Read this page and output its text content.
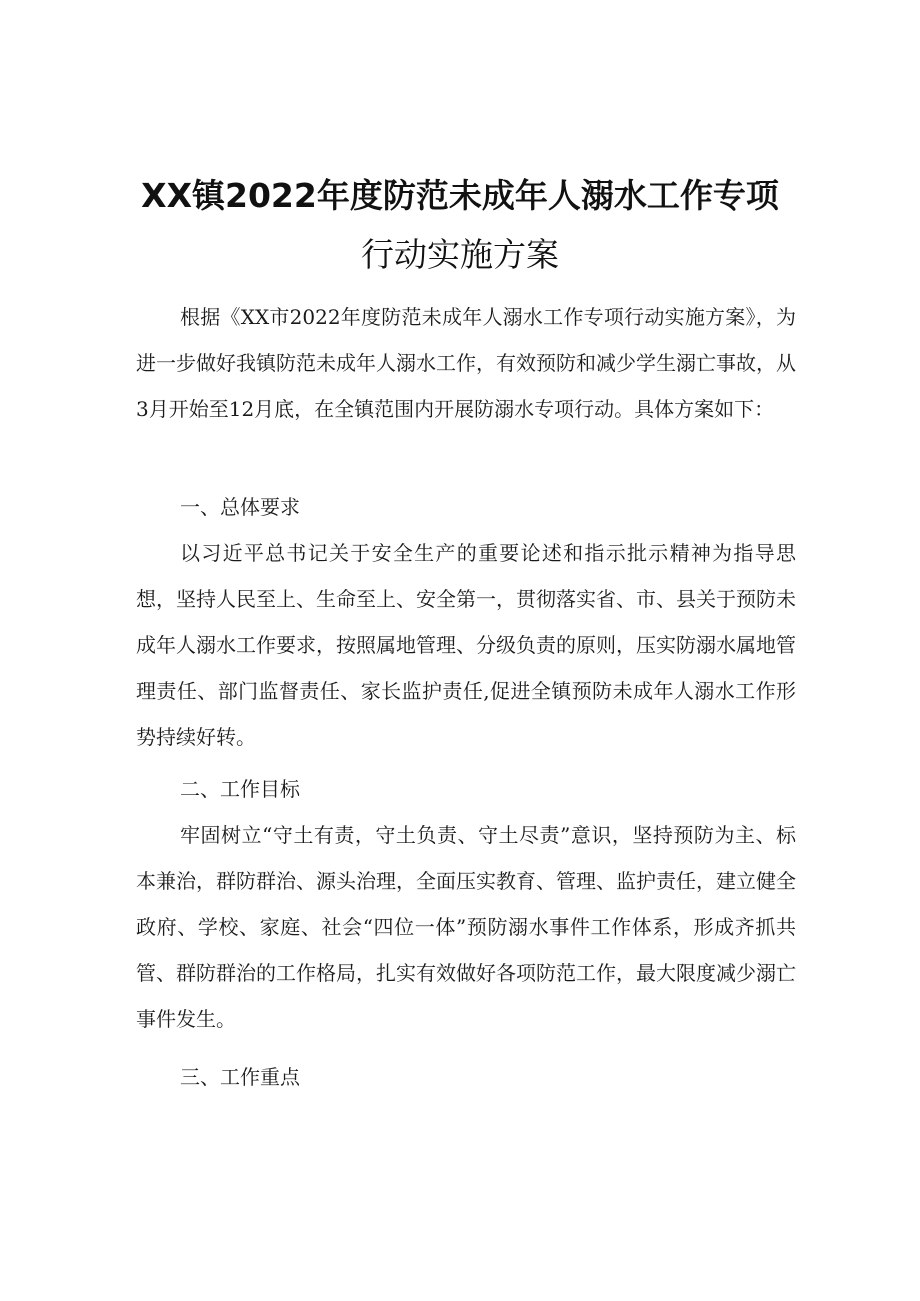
XX镇2022年度防范未成年人溺水工作专项
行动实施方案

根据《XX市2022年度防范未成年人溺水工作专项行动实施方案》，为进一步做好我镇防范未成年人溺水工作，有效预防和减少学生溺亡事故，从3月开始至12月底，在全镇范围内开展防溺水专项行动。具体方案如下：

一、总体要求

以习近平总书记关于安全生产的重要论述和指示批示精神为指导思想，坚持人民至上、生命至上、安全第一，贯彻落实省、市、县关于预防未成年人溺水工作要求，按照属地管理、分级负责的原则，压实防溺水属地管理责任、部门监督责任、家长监护责任,促进全镇预防未成年人溺水工作形势持续好转。

二、工作目标

牢固树立“守土有责，守土负责、守土尽责”意识，坚持预防为主、标本兼治，群防群治、源头治理，全面压实教育、管理、监护责任，建立健全政府、学校、家庭、社会“四位一体”预防溺水事件工作体系，形成齐抓共管、群防群治的工作格局，扎实有效做好各项防范工作，最大限度减少溺亡事件发生。

三、工作重点
